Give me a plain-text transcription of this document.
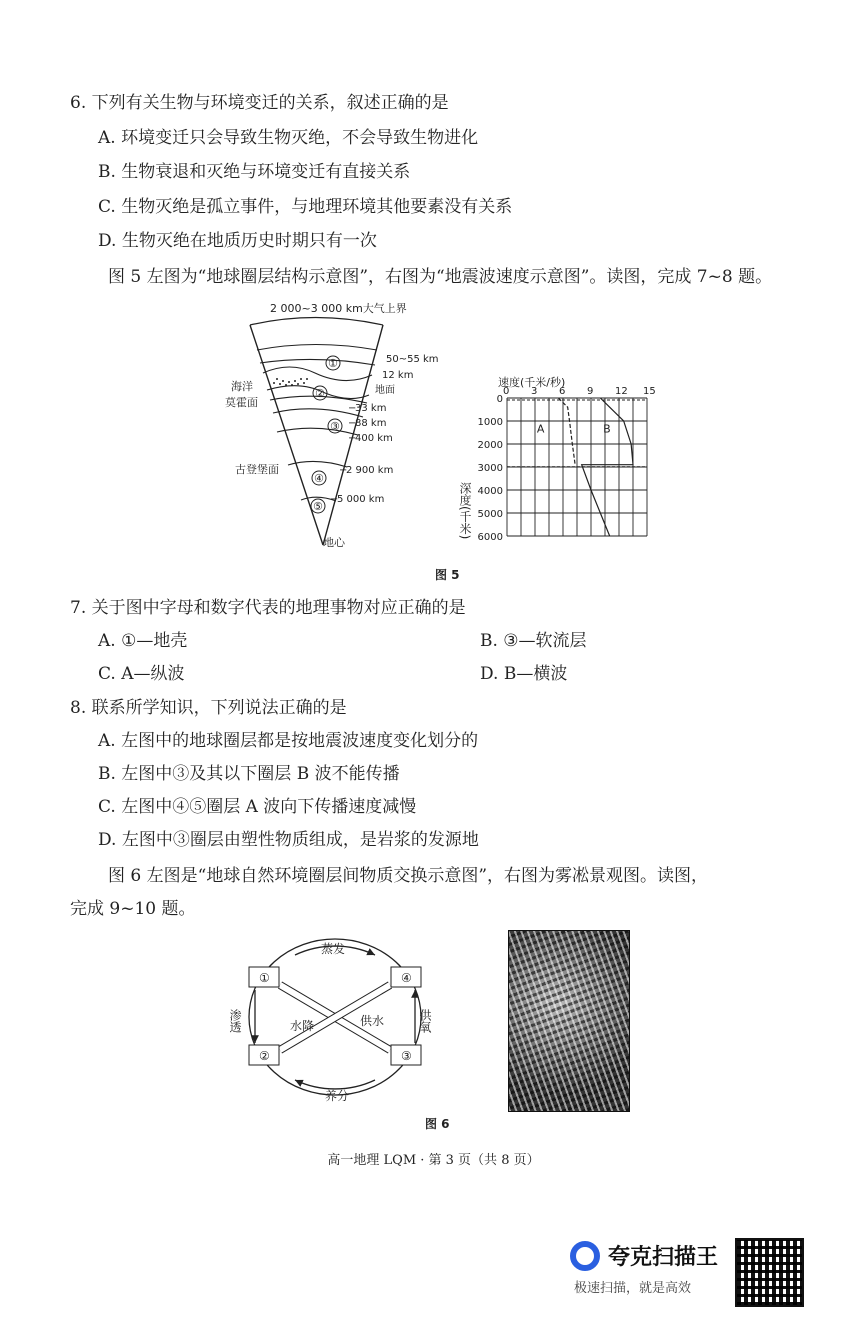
6. 下列有关生物与环境变迁的关系，叙述正确的是
A. 环境变迁只会导致生物灭绝，不会导致生物进化
B. 生物衰退和灭绝与环境变迁有直接关系
C. 生物灭绝是孤立事件，与地理环境其他要素没有关系
D. 生物灭绝在地质历史时期只有一次
图 5 左图为“地球圈层结构示意图”，右图为“地震波速度示意图”。读图，完成 7~8 题。
2 000~3 000 km大气上界
①
②
③
④
⑤
50~55 km
12 km
地面
−
33 km
−
88 km
−
400 km
−
2 900 km
−
5 000 km
海洋
莫霍面
古登堡面
地心
速度(千米/秒)
0 3 6 9 12 15
0
1000
2000
3000
4000
5000
6000
A	B
深度(千米)
图 5
7. 关于图中字母和数字代表的地理事物对应正确的是
A. ①—地壳	B. ③—软流层
C. A—纵波	D. B—横波
8. 联系所学知识，下列说法正确的是
A. 左图中的地球圈层都是按地震波速度变化划分的
B. 左图中③及其以下圈层 B 波不能传播
C. 左图中④⑤圈层 A 波向下传播速度减慢
D. 左图中③圈层由塑性物质组成，是岩浆的发源地
图 6 左图是“地球自然环境圈层间物质交换示意图”，右图为雾凇景观图。读图，
完成 9~10 题。
①	④
②	③
蒸发
渗透	水降	供水	供氧
养分
图 6
高一地理 LQM · 第 3 页（共 8 页）
夸克扫描王
极速扫描，就是高效
